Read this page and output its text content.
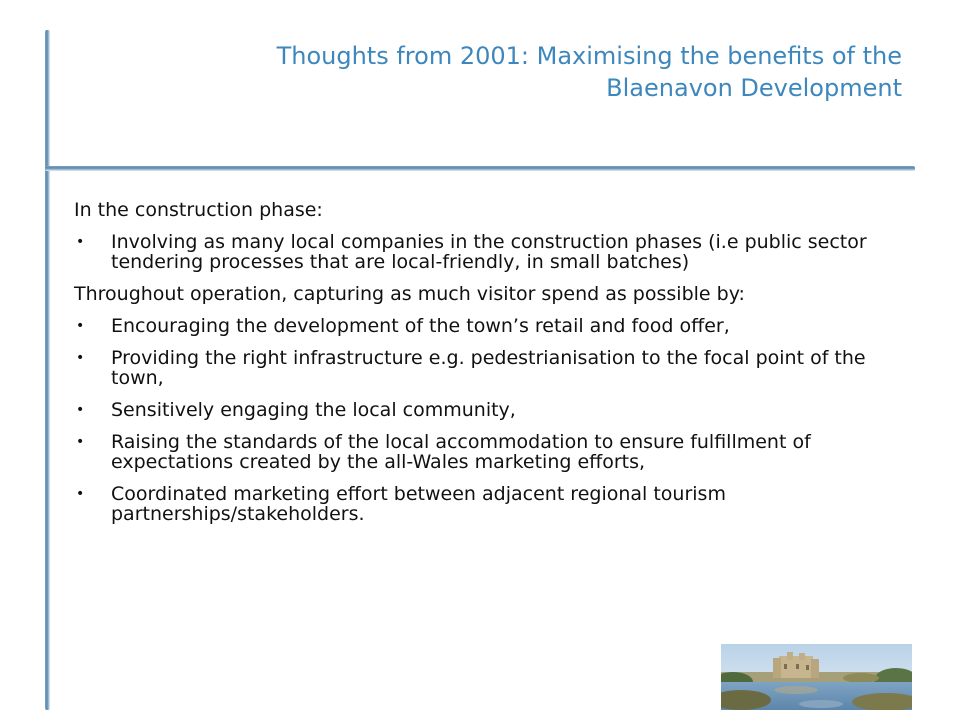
Thoughts from 2001: Maximising the benefits of the
Blaenavon Development

In the construction phase:

• Involving as many local companies in the construction phases (i.e public sector tendering processes that are local-friendly, in small batches)

Throughout operation, capturing as much visitor spend as possible by:

• Encouraging the development of the town’s retail and food offer,
• Providing the right infrastructure e.g. pedestrianisation to the focal point of the town,
• Sensitively engaging the local community,
• Raising the standards of the local accommodation to ensure fulfillment of expectations created by the all-Wales marketing efforts,
• Coordinated marketing effort between adjacent regional tourism partnerships/stakeholders.
